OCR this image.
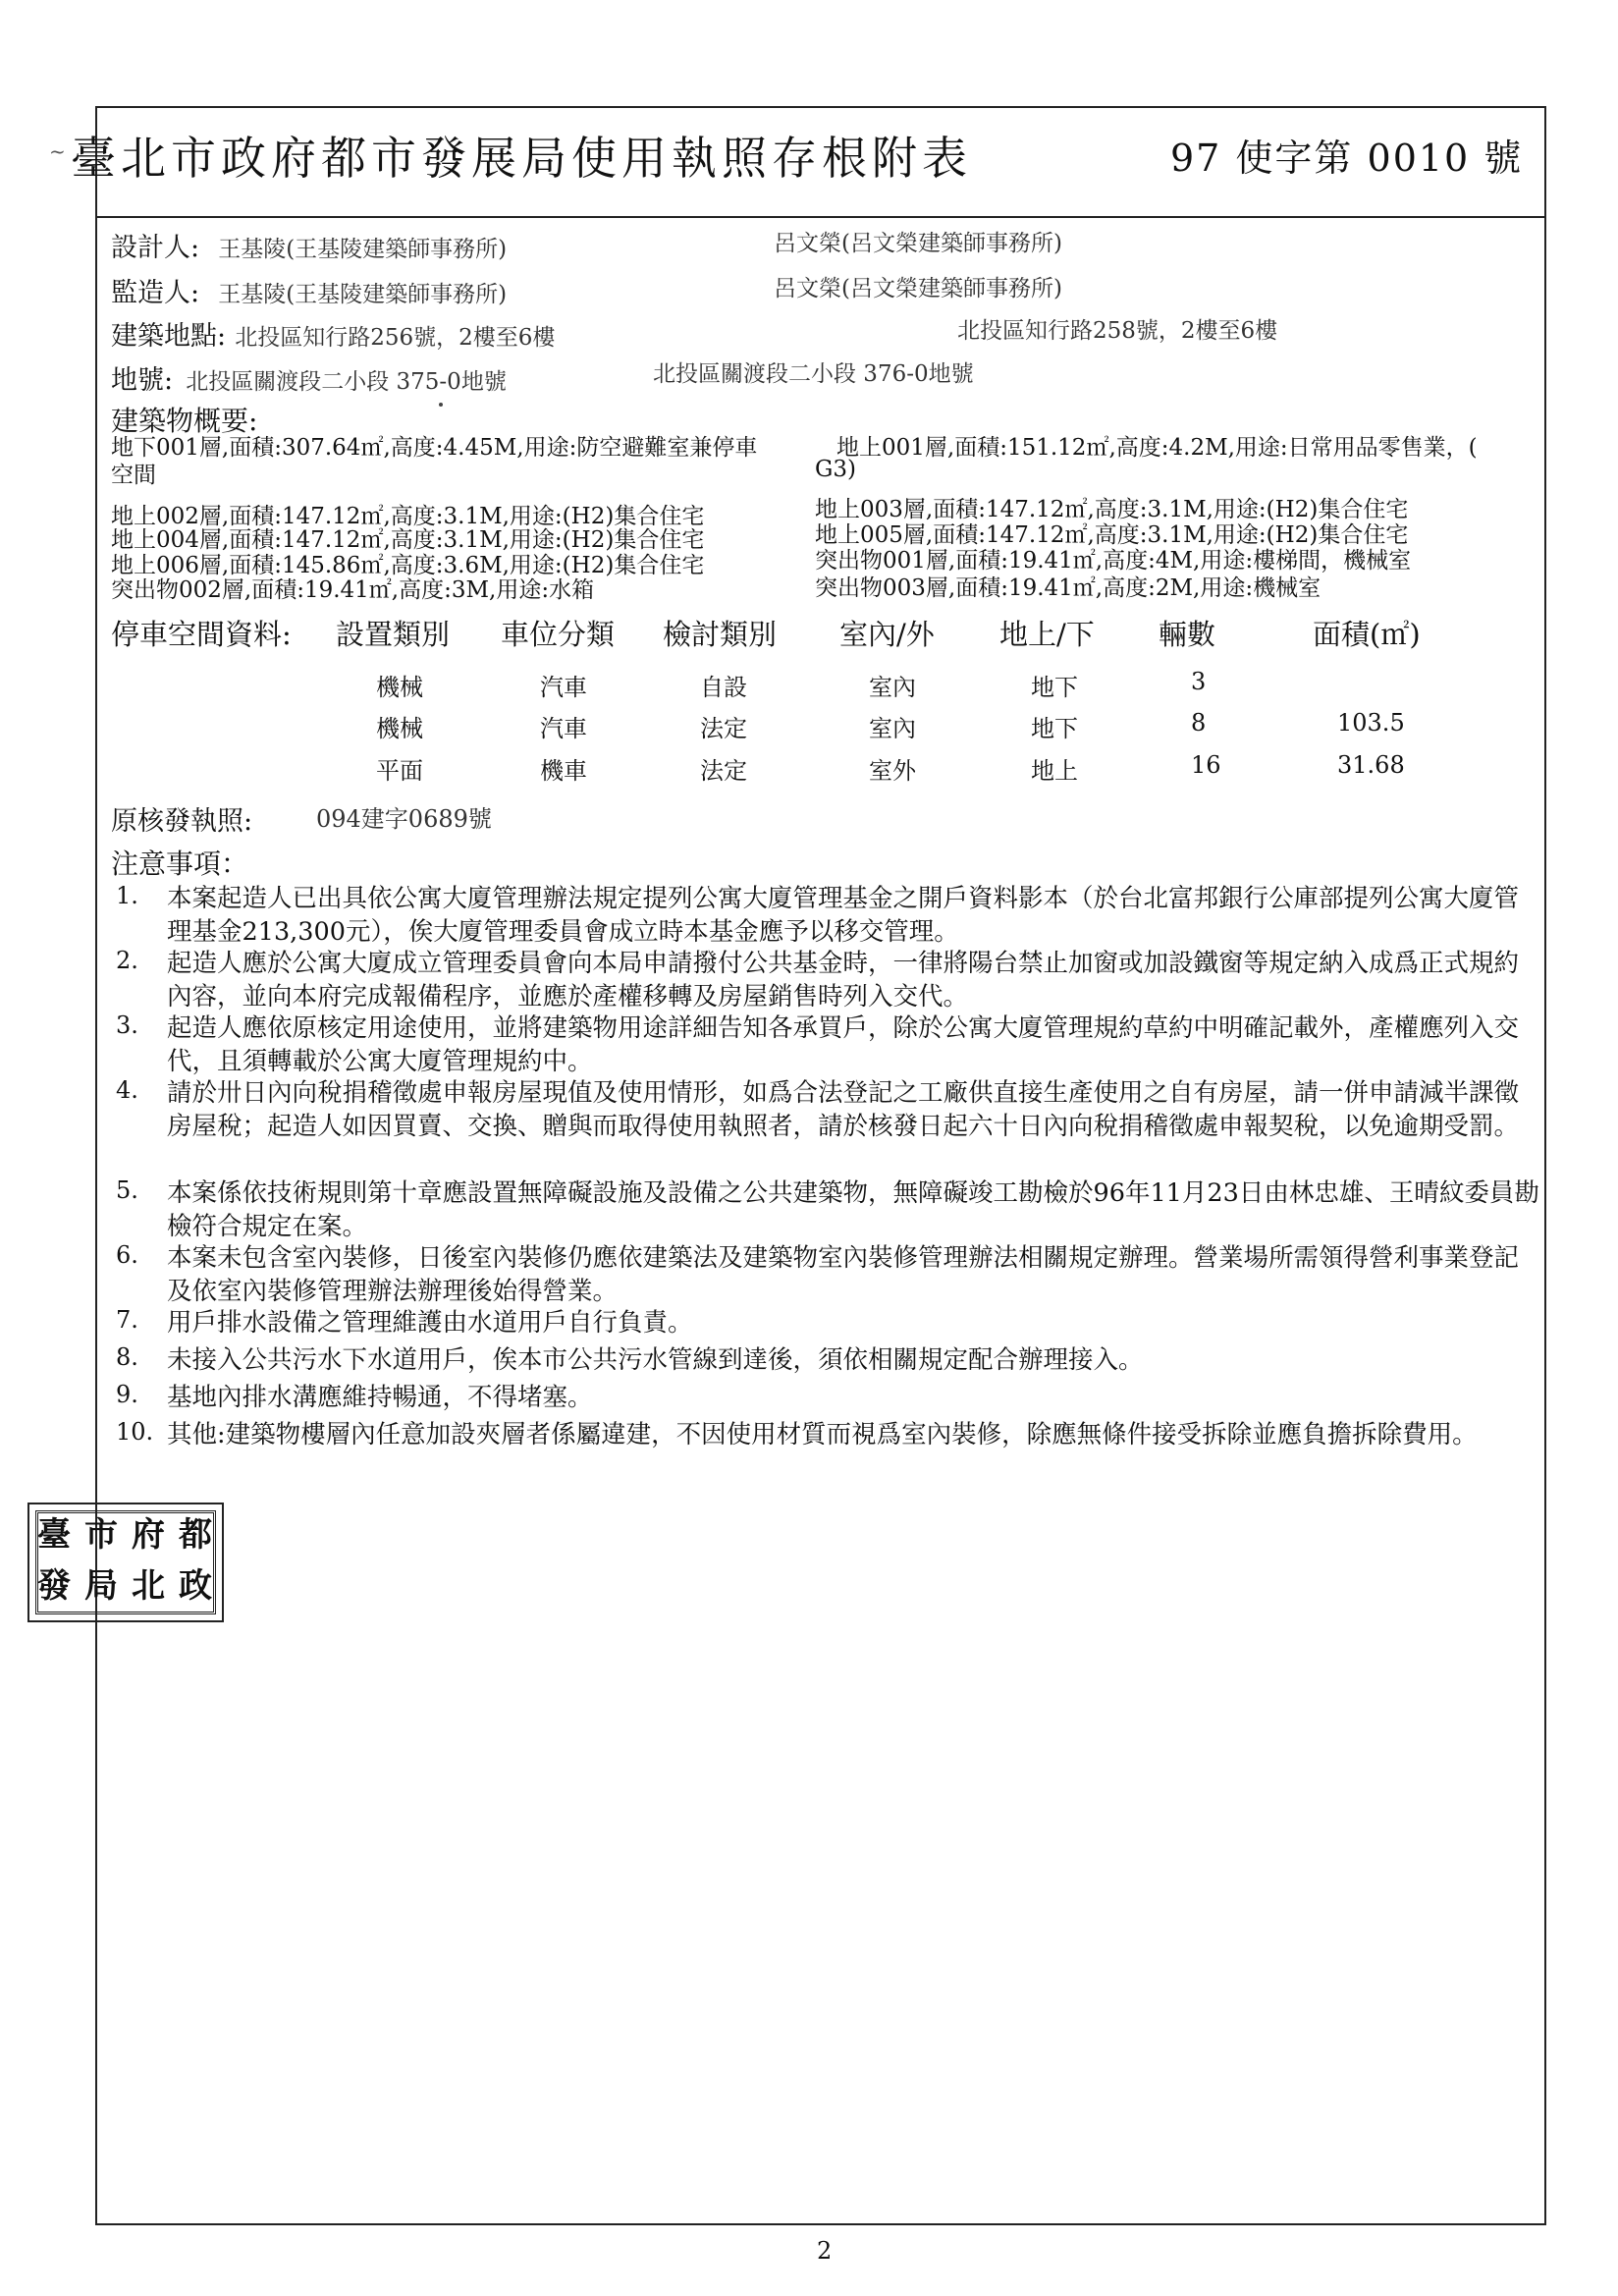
~ 臺北市政府都市發展局使用執照存根附表	97 使字第 0010 號
設計人: 王基陵(王基陵建築師事務所)	呂文榮(呂文榮建築師事務所)
監造人: 王基陵(王基陵建築師事務所)	呂文榮(呂文榮建築師事務所)
建築地點: 北投區知行路256號，2樓至6樓	北投區知行路258號，2樓至6樓
地號: 北投區關渡段二小段 375-0地號	北投區關渡段二小段 376-0地號
建築物概要:
地下001層,面積:307.64㎡,高度:4.45M,用途:防空避難室兼停車
空間
地上002層,面積:147.12㎡,高度:3.1M,用途:(H2)集合住宅
地上004層,面積:147.12㎡,高度:3.1M,用途:(H2)集合住宅
地上006層,面積:145.86㎡,高度:3.6M,用途:(H2)集合住宅
突出物002層,面積:19.41㎡,高度:3M,用途:水箱
地上001層,面積:151.12㎡,高度:4.2M,用途:日常用品零售業，(
G3)
地上003層,面積:147.12㎡,高度:3.1M,用途:(H2)集合住宅
地上005層,面積:147.12㎡,高度:3.1M,用途:(H2)集合住宅
突出物001層,面積:19.41㎡,高度:4M,用途:樓梯間，機械室
突出物003層,面積:19.41㎡,高度:2M,用途:機械室
停車空間資料: 設置類別 車位分類 檢討類別 室內/外 地上/下 輛數	面積(㎡)
機械	汽車	自設	室內	地下	3
機械	汽車	法定	室內	地下	8	103.5
平面	機車	法定	室外	地上	16	31.68
原核發執照:	094建字0689號
注意事項：
1.	本案起造人已出具依公寓大廈管理辦法規定提列公寓大廈管理基金之開戶資料影本（於台北富邦銀行公庫部提列公寓大廈管理基金213,300元），俟大廈管理委員會成立時本基金應予以移交管理。
2.	起造人應於公寓大廈成立管理委員會向本局申請撥付公共基金時，一律將陽台禁止加窗或加設鐵窗等規定納入成爲正式規約內容，並向本府完成報備程序，並應於產權移轉及房屋銷售時列入交代。
3.	起造人應依原核定用途使用，並將建築物用途詳細告知各承買戶，除於公寓大廈管理規約草約中明確記載外，產權應列入交代，且須轉載於公寓大廈管理規約中。
4.	請於卅日內向稅捐稽徵處申報房屋現值及使用情形，如爲合法登記之工廠供直接生產使用之自有房屋，請一併申請減半課徵房屋稅；起造人如因買賣、交換、贈與而取得使用執照者，請於核發日起六十日內向稅捐稽徵處申報契稅，以免逾期受罰。
5.	本案係依技術規則第十章應設置無障礙設施及設備之公共建築物，無障礙竣工勘檢於96年11月23日由林忠雄、王晴紋委員勘檢符合規定在案。
6.	本案未包含室內裝修，日後室內裝修仍應依建築法及建築物室內裝修管理辦法相關規定辦理。營業場所需領得營利事業登記及依室內裝修管理辦法辦理後始得營業。
7.	用戶排水設備之管理維護由水道用戶自行負責。
8.	未接入公共污水下水道用戶，俟本市公共污水管線到達後，須依相關規定配合辦理接入。
9.	基地內排水溝應維持暢通，不得堵塞。
10. 其他:建築物樓層內任意加設夾層者係屬違建，不因使用材質而視爲室內裝修，除應無條件接受拆除並應負擔拆除費用。
臺 市 府 都
發 局 北 政
2
